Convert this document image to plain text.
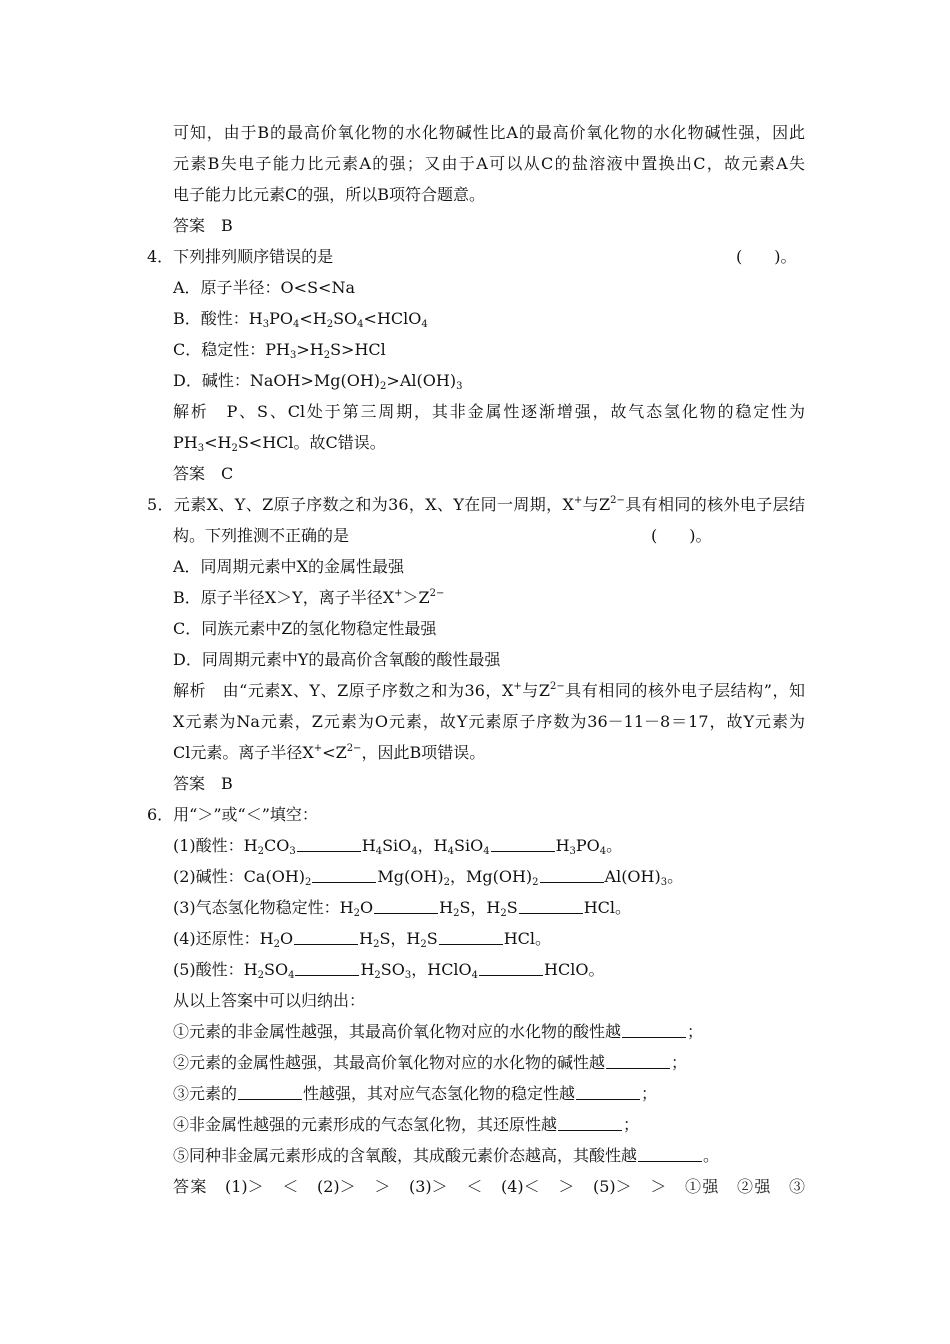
可知，由于B的最高价氧化物的水化物碱性比A的最高价氧化物的水化物碱性强，因此
元素B失电子能力比元素A的强；又由于A可以从C的盐溶液中置换出C，故元素A失
电子能力比元素C的强，所以B项符合题意。
答案　B
4．下列排列顺序错误的是	(　　)。
A．原子半径：O<S<Na
B．酸性：$H_3PO_4<H_2SO_4<HClO_4$
C．稳定性：$PH_3>H_2S>HCl$
D．碱性：$NaOH>Mg(OH)_2>Al(OH)_3$
解析　P、S、Cl处于第三周期，其非金属性逐渐增强，故气态氢化物的稳定性为
$PH_3<H_2S<HCl$。故C错误。
答案　C
5．元素X、Y、Z原子序数之和为36，X、Y在同一周期，X+与$Z^{2-}$具有相同的核外电子层结
构。下列推测不正确的是	(　　)。
A．同周期元素中X的金属性最强
B．原子半径X＞Y，离子半径$X^+>Z^{2-}$
C．同族元素中Z的氢化物稳定性最强
D．同周期元素中Y的最高价含氧酸的酸性最强
解析　由“元素X、Y、Z原子序数之和为36，X+与$Z^{2-}$具有相同的核外电子层结构”，知
X元素为Na元素，Z元素为O元素，故Y元素原子序数为36－11－8＝17，故Y元素为
Cl元素。离子半径$X^+<Z^{2-}$，因此B项错误。
答案　B
6．用“＞”或“＜”填空：
(1)酸性：$H_2CO_3$	$H_4SiO_4$，$H_4SiO_4$	$H_3PO_4$。
(2)碱性：$Ca(OH)_2$	$Mg(OH)_2$，$Mg(OH)_2$	$Al(OH)_3$。
(3)气态氢化物稳定性：$H_2O$	$H_2S$，$H_2S$	HCl。
(4)还原性：$H_2O$	$H_2S$，$H_2S$	HCl。
(5)酸性：$H_2SO_4$	$H_2SO_3$，HClO$_4$	HClO。
从以上答案中可以归纳出：
①元素的非金属性越强，其最高价氧化物对应的水化物的酸性越	；
②元素的金属性越强，其最高价氧化物对应的水化物的碱性越	；
③元素的	性越强，其对应气态氢化物的稳定性越	；
④非金属性越强的元素形成的气态氢化物，其还原性越	；
⑤同种非金属元素形成的含氧酸，其成酸元素价态越高，其酸性越	。
答案　(1)＞　＜　(2)＞　＞　(3)＞　＜　(4)＜　＞　(5)＞　＞　①强　②强　③
